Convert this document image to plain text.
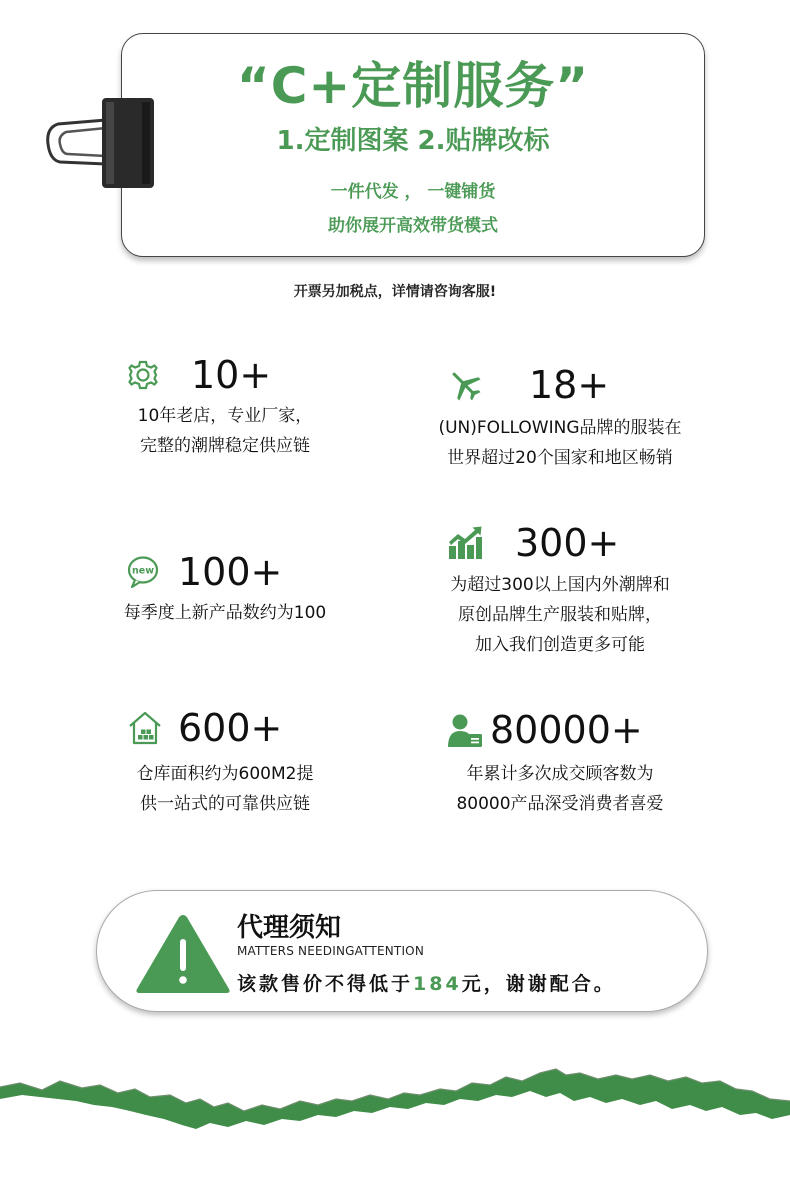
“C+定制服务”
1.定制图案 2.贴牌改标
一件代发 ， 一键铺货
助你展开高效带货模式
开票另加税点，详情请咨询客服!
10+
10年老店，专业厂家，
完整的潮牌稳定供应链
18+
(UN)FOLLOWING品牌的服装在
世界超过20个国家和地区畅销
new 100+
每季度上新产品数约为100
300+
为超过300以上国内外潮牌和
原创品牌生产服装和贴牌，
加入我们创造更多可能
600+
仓库面积约为600M2提
供一站式的可靠供应链
80000+
年累计多次成交顾客数为
80000产品深受消费者喜爱
代理须知
MATTERS NEEDINGATTENTION
该款售价不得低于184元，谢谢配合。
